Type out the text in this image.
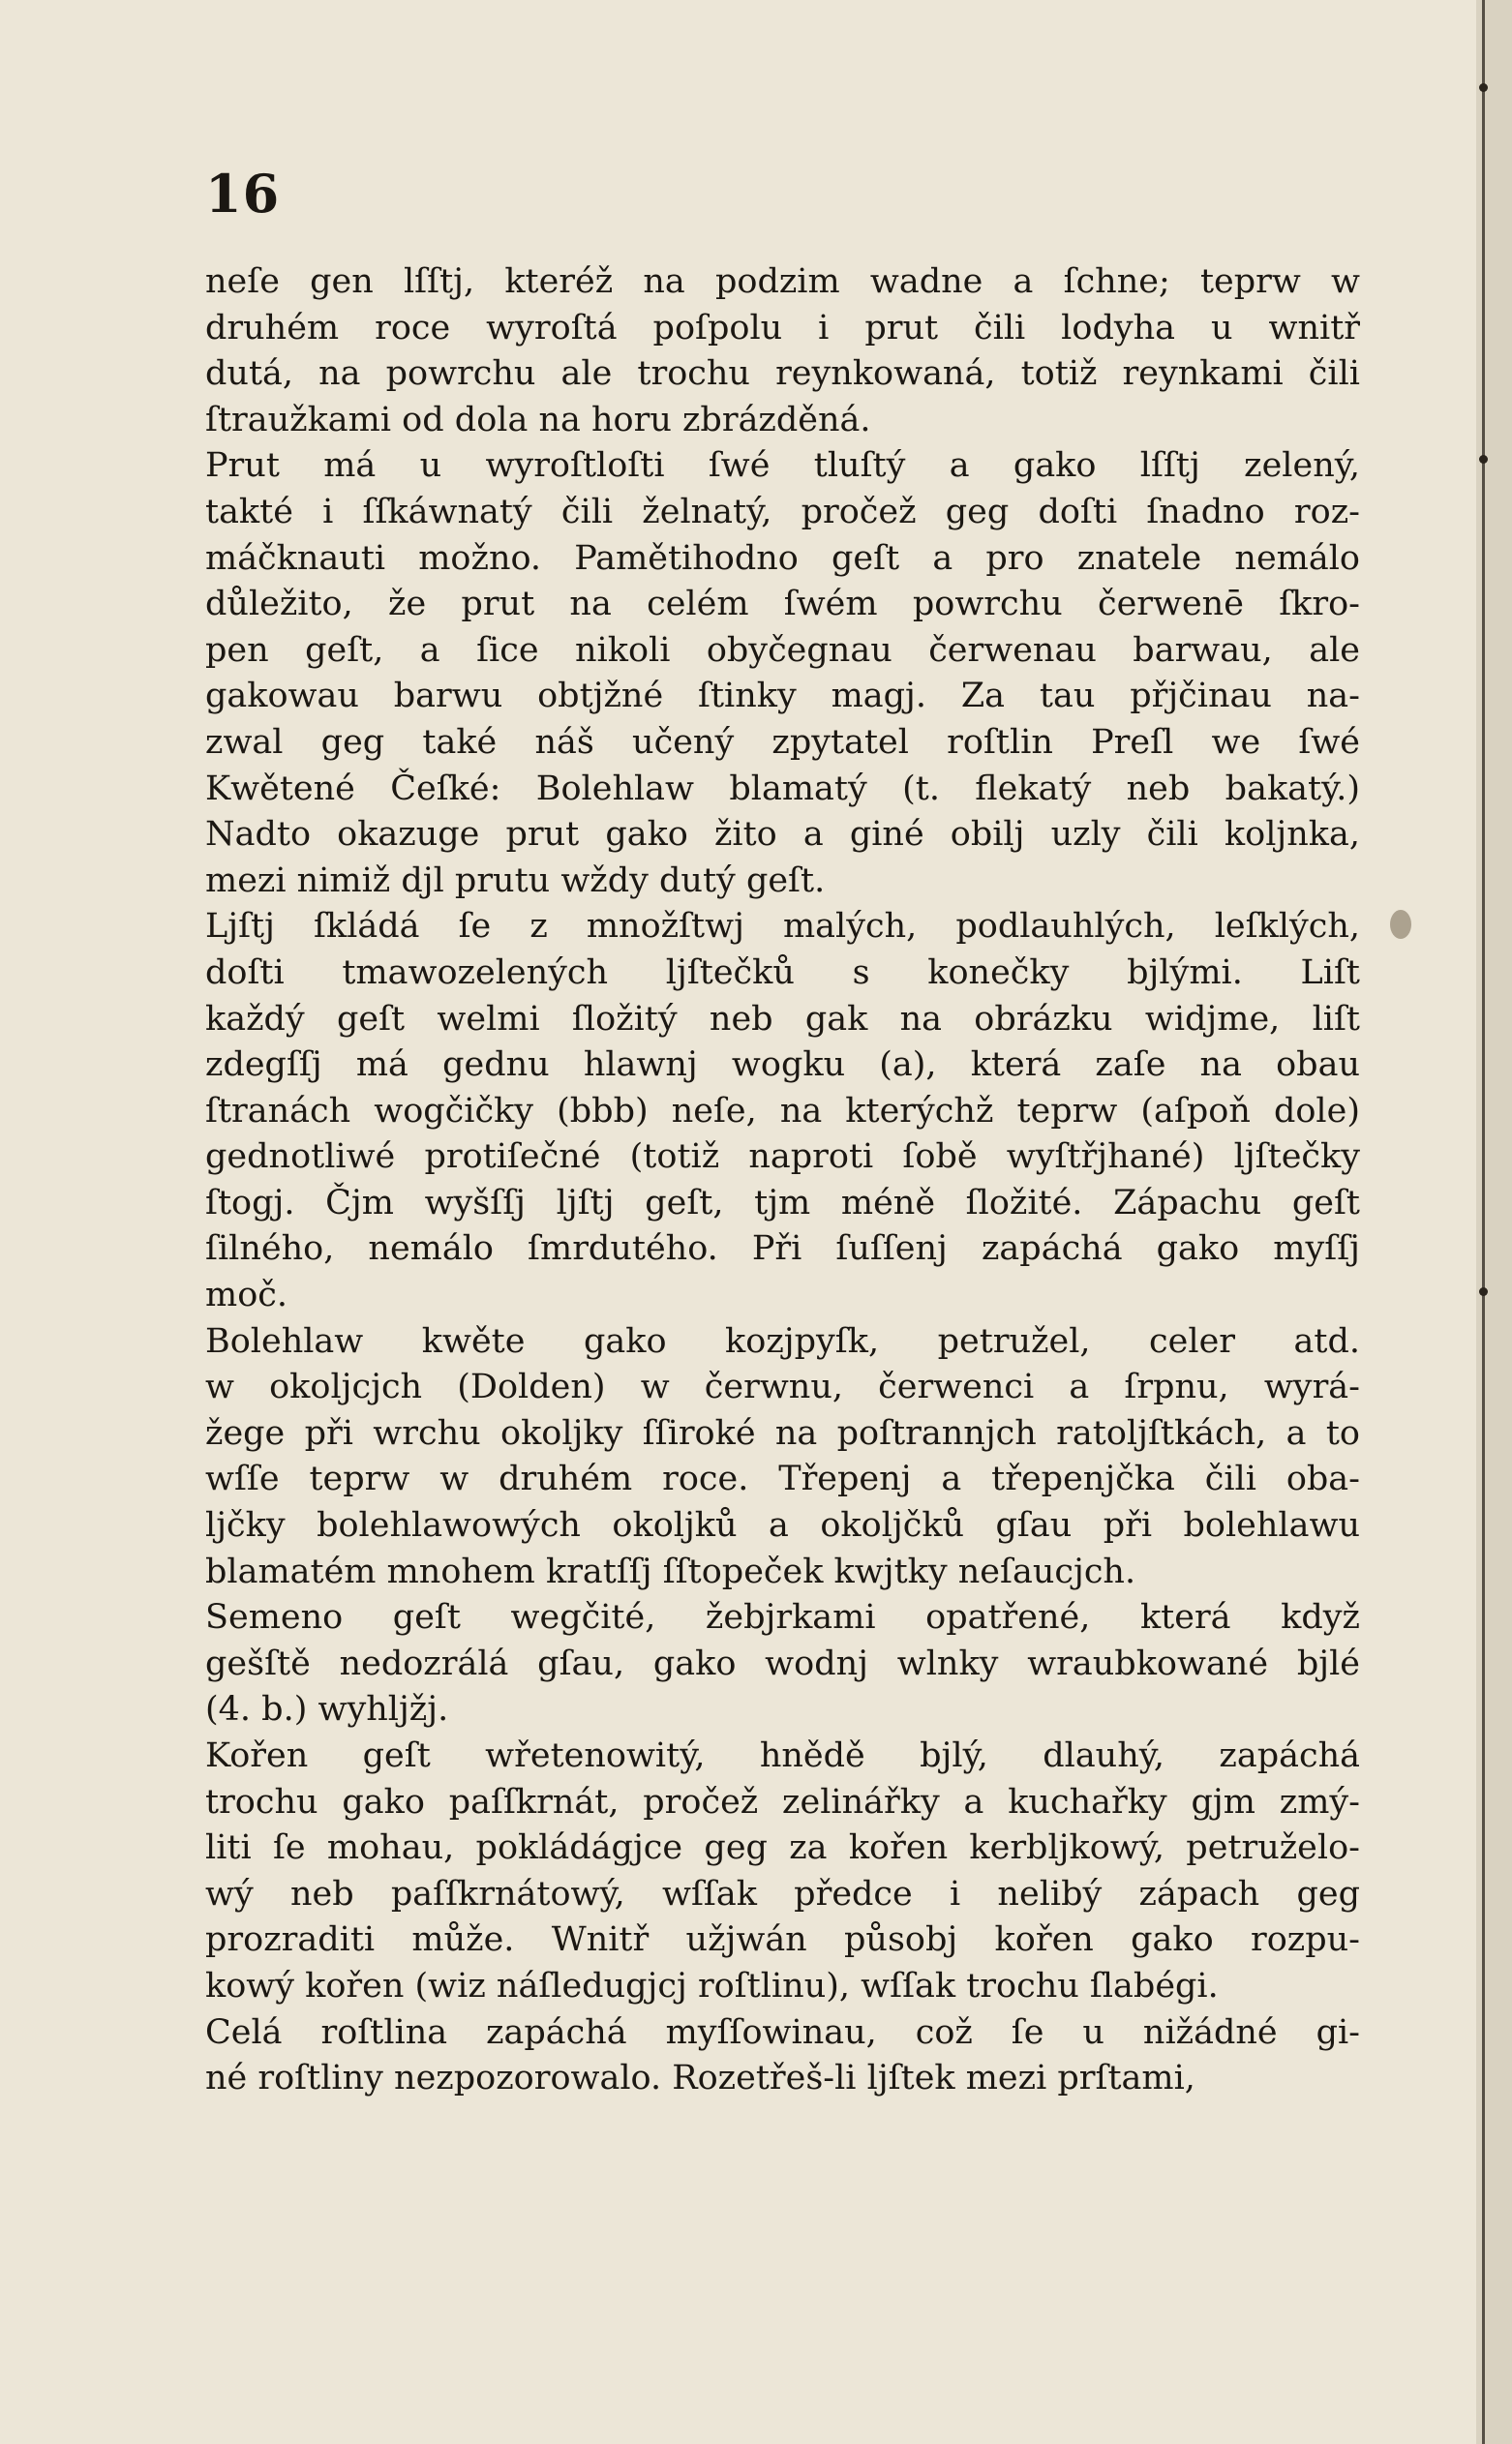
16
neſe gen lſſtj, kteréž na podzim wadne a ſchne; teprw w
druhém roce wyroſtá poſpolu i prut čili lodyha u wnitř
dutá, na powrchu ale trochu reynkowaná, totiž reynkami čili
ſtraužkami od dola na horu zbrázděná.
Prut má u wyroſtloſti ſwé tluſtý a gako lſſtj zelený,
takté i ſſkáwnatý čili želnatý, pročež geg doſti ſnadno roz-
máčknauti možno. Pamětihodno geſt a pro znatele nemálo
důležito, že prut na celém ſwém powrchu čerwenē ſkro-
pen geſt, a ſice nikoli obyčegnau čerwenau barwau, ale
gakowau barwu obtjžné ſtinky magj. Za tau přjčinau na-
zwal geg také náš učený zpytatel roſtlin Preſl we ſwé
Kwětené Čeſké: Bolehlaw blamatý (t. flekatý neb bakatý.)
Nadto okazuge prut gako žito a giné obilj uzly čili kolјnka,
mezi nimiž djl prutu wždy dutý geſt.
Ljſtj ſkládá ſe z množſtwj malých, podlauhlých, leſklých,
doſti tmawozelených ljſtečků s konečky bjlými. Liſt
každý geſt welmi ſložitý neb gak na obrázku widjme, liſt
zdegſſj má gednu hlawnj wogku (a), která zaſe na obau
ſtranách wogčičky (bbb) neſe, na kterýchž teprw (aſpoň dole)
gednotliwé protiſečné (totiž naproti ſobě wyſtřjhané) ljſtečky
ſtogj. Čjm wyšſſj ljſtj geſt, tjm méně ſložité. Zápachu geſt
ſilného, nemálo ſmrdutého. Při ſuſſenj zapáchá gako myſſj
moč.
Bolehlaw kwěte gako kozjpyſk, petružel, celer atd.
w okoljcjch (Dolden) w čerwnu, čerwenci a ſrpnu, wyrá-
žege při wrchu okoljky ſſiroké na poſtrannjch ratoljſtkách, a to
wſſe teprw w druhém roce. Třepenj a třepenjčka čili oba-
ljčky bolehlawowých okoljků a okoljčků gſau při bolehlawu
blamatém mnohem kratſſj ſſtopeček kwjtky neſaucjch.
Semeno geſt wegčité, žebjrkami opatřené, která když
gešſtě nedozrálá gſau, gako wodnj wlnky wraubkowané bjlé
(4. b.) wyhljžj.
Kořen geſt wřetenowitý, hnědě bjlý, dlauhý, zapáchá
trochu gako paſſkrnát, pročež zelinářky a kuchařky gjm zmý-
liti ſe mohau, pokládágjce geg za kořen kerbljkowý, petruželo-
wý neb paſſkrnátowý, wſſak předce i nelibý zápach geg
prozraditi může. Wnitř užjwán působj kořen gako rozpu-
kowý kořen (wiz náſledugjcj roſtlinu), wſſak trochu ſlabégi.
Celá roſtlina zapáchá myſſowinau, což ſe u nižádné gi-
né roſtliny nezpozorowalo. Rozetřeš-li ljſtek mezi prſtami,
